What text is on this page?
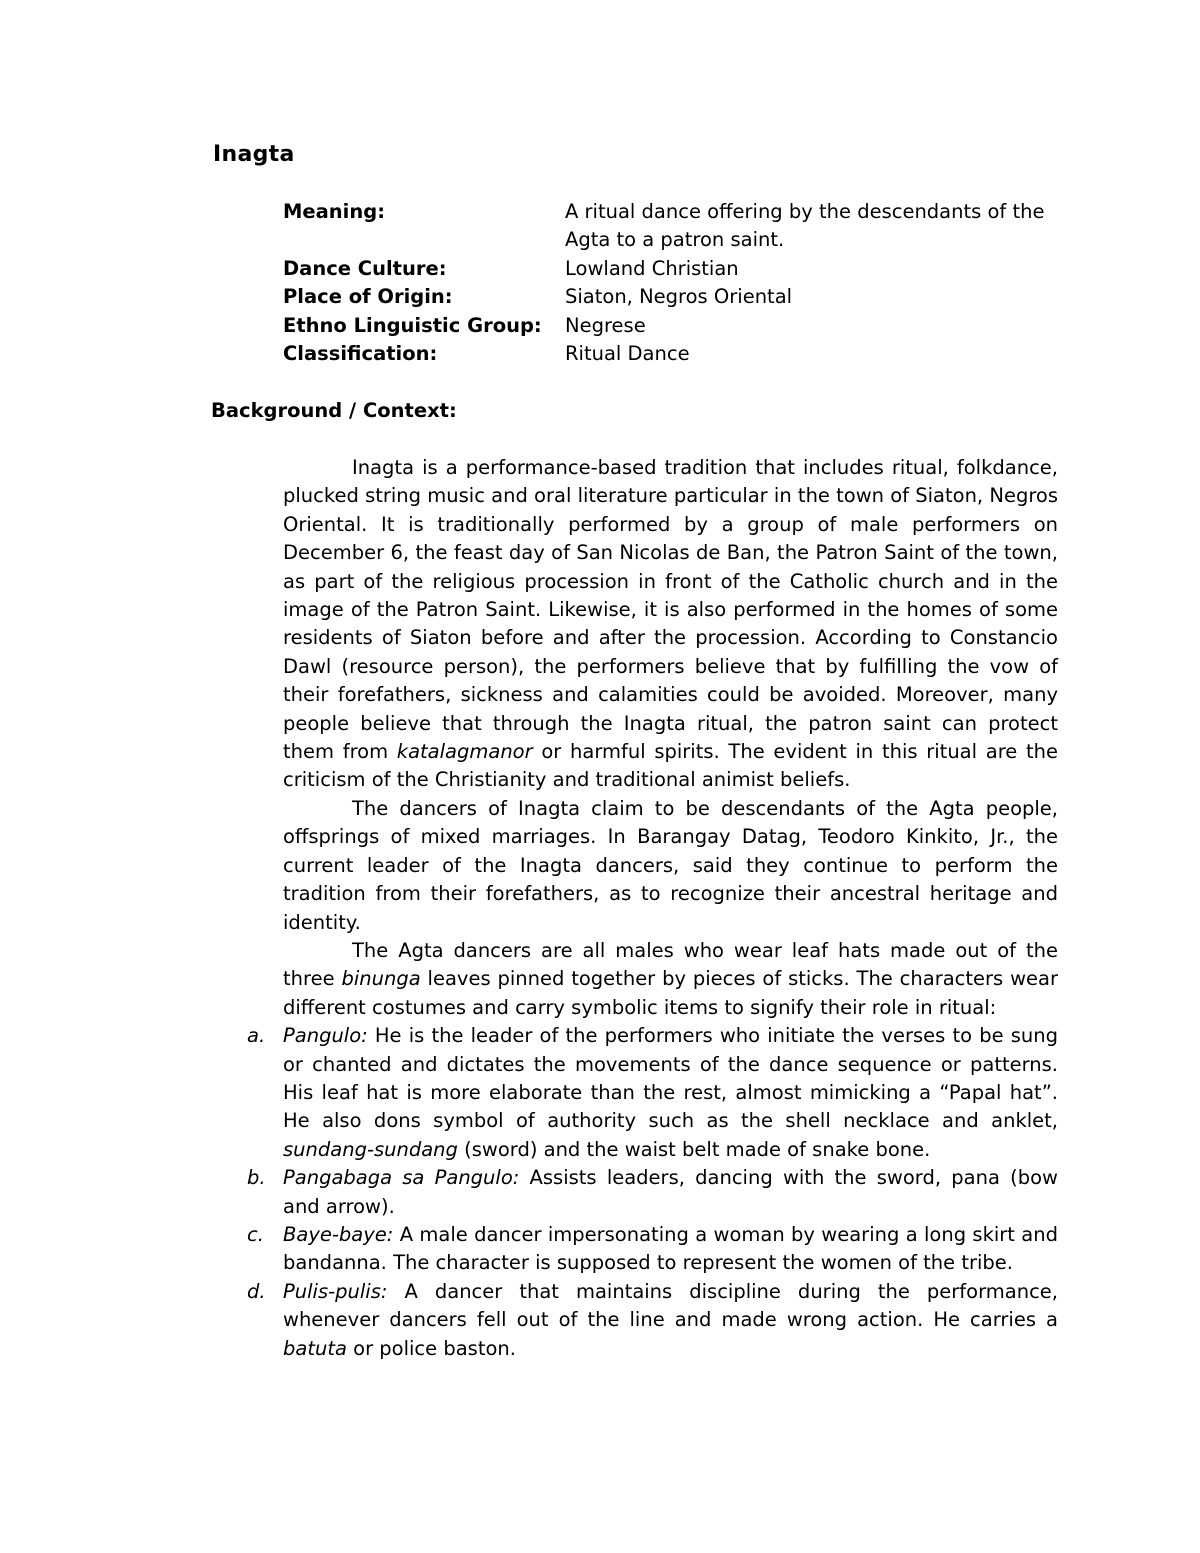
Inagta
Meaning:	A ritual dance offering by the descendants of the Agta to a patron saint.
Dance Culture:	Lowland Christian
Place of Origin:	Siaton, Negros Oriental
Ethno Linguistic Group:	Negrese
Classification:	Ritual Dance
Background / Context:

Inagta is a performance-based tradition that includes ritual, folkdance, plucked string music and oral literature particular in the town of Siaton, Negros Oriental. It is traditionally performed by a group of male performers on December 6, the feast day of San Nicolas de Ban, the Patron Saint of the town, as part of the religious procession in front of the Catholic church and in the image of the Patron Saint. Likewise, it is also performed in the homes of some residents of Siaton before and after the procession. According to Constancio Dawl (resource person), the performers believe that by fulfilling the vow of their forefathers, sickness and calamities could be avoided. Moreover, many people believe that through the Inagta ritual, the patron saint can protect them from katalagmanor or harmful spirits. The evident in this ritual are the criticism of the Christianity and traditional animist beliefs.

The dancers of Inagta claim to be descendants of the Agta people, offsprings of mixed marriages. In Barangay Datag, Teodoro Kinkito, Jr., the current leader of the Inagta dancers, said they continue to perform the tradition from their forefathers, as to recognize their ancestral heritage and identity.

The Agta dancers are all males who wear leaf hats made out of the three binunga leaves pinned together by pieces of sticks. The characters wear different costumes and carry symbolic items to signify their role in ritual:

a. Pangulo: He is the leader of the performers who initiate the verses to be sung or chanted and dictates the movements of the dance sequence or patterns. His leaf hat is more elaborate than the rest, almost mimicking a “Papal hat”. He also dons symbol of authority such as the shell necklace and anklet, sundang-sundang (sword) and the waist belt made of snake bone.
b. Pangabaga sa Pangulo: Assists leaders, dancing with the sword, pana (bow and arrow).
c. Baye-baye: A male dancer impersonating a woman by wearing a long skirt and bandanna. The character is supposed to represent the women of the tribe.
d. Pulis-pulis: A dancer that maintains discipline during the performance, whenever dancers fell out of the line and made wrong action. He carries a batuta or police baston.
